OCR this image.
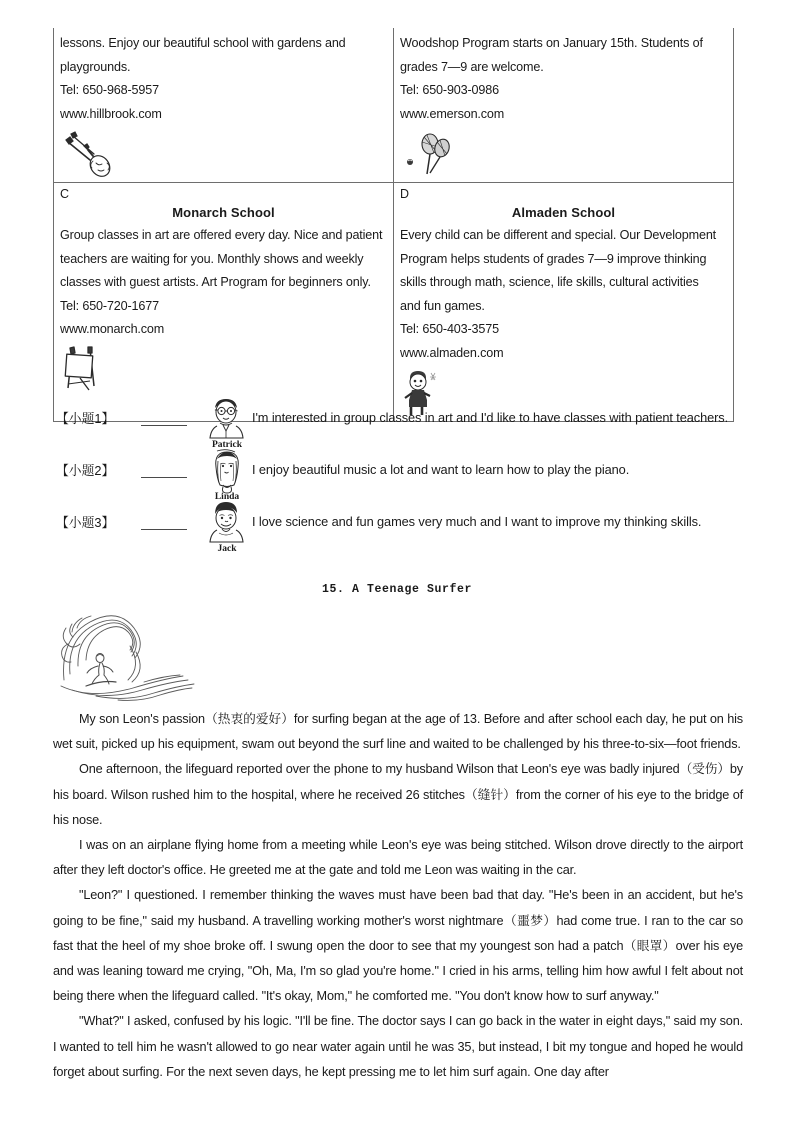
lessons. Enjoy our beautiful school with gardens and
playgrounds.
Tel: 650-968-5957
www.hillbrook.com

Woodshop Program starts on January 15th. Students of
grades 7—9 are welcome.
Tel: 650-903-0986
www.emerson.com

C
Monarch School
Group classes in art are offered every day. Nice and patient
teachers are waiting for you. Monthly shows and weekly
classes with guest artists. Art Program for beginners only.
Tel: 650-720-1677
www.monarch.com

D
Almaden School
Every child can be different and special. Our Development
Program helps students of grades 7—9 improve thinking
skills through math, science, life skills, cultural activities
and fun games.
Tel: 650-403-3575
www.almaden.com
【小题1】
Patrick
I'm interested in group classes in art and I'd like to have classes with patient teachers.
【小题2】
Linda
I enjoy beautiful music a lot and want to learn how to play the piano.
【小题3】
Jack
I love science and fun games very much and I want to improve my thinking skills.
15. A Teenage Surfer

My son Leon's passion（热衷的爱好）for surfing began at the age of 13. Before and after school each day, he put on his wet suit, picked up his equipment, swam out beyond the surf line and waited to be challenged by his three-to-six—foot friends.

One afternoon, the lifeguard reported over the phone to my husband Wilson that Leon's eye was badly injured（受伤）by his board. Wilson rushed him to the hospital, where he received 26 stitches（缝针）from the corner of his eye to the bridge of his nose.

I was on an airplane flying home from a meeting while Leon's eye was being stitched. Wilson drove directly to the airport after they left doctor's office. He greeted me at the gate and told me Leon was waiting in the car.

"Leon?" I questioned. I remember thinking the waves must have been bad that day. "He's been in an accident, but he's going to be fine," said my husband. A travelling working mother's worst nightmare（噩梦）had come true. I ran to the car so fast that the heel of my shoe broke off. I swung open the door to see that my youngest son had a patch（眼罩）over his eye and was leaning toward me crying, "Oh, Ma, I'm so glad you're home." I cried in his arms, telling him how awful I felt about not being there when the lifeguard called. "It's okay, Mom," he comforted me. "You don't know how to surf anyway."

"What?" I asked, confused by his logic. "I'll be fine. The doctor says I can go back in the water in eight days," said my son. I wanted to tell him he wasn't allowed to go near water again until he was 35, but instead, I bit my tongue and hoped he would forget about surfing. For the next seven days, he kept pressing me to let him surf again. One day after
